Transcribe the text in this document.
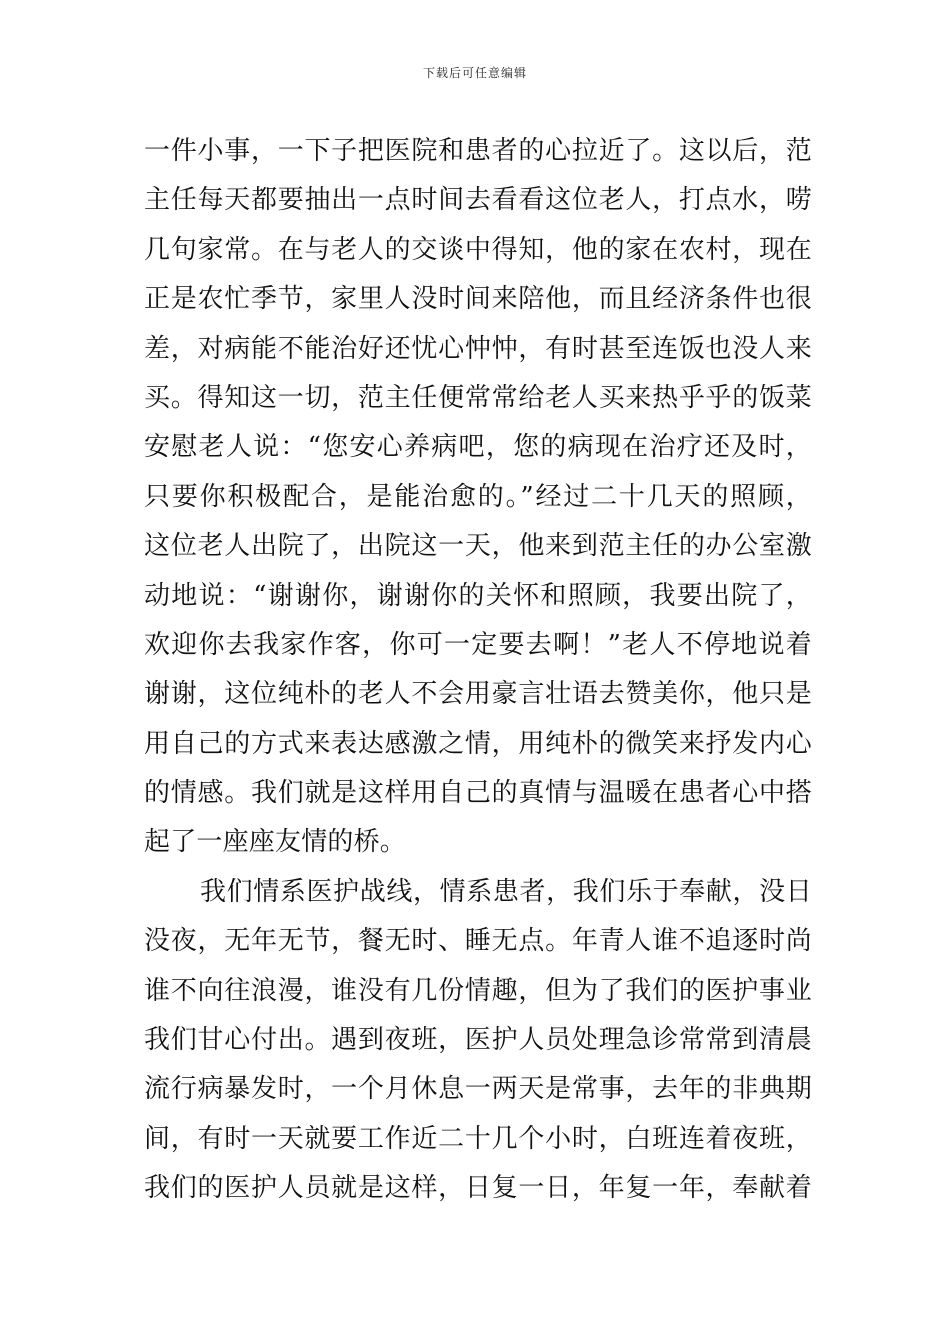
下载后可任意编辑
一件小事，一下子把医院和患者的心拉近了。这以后，范
主任每天都要抽出一点时间去看看这位老人，打点水，唠
几句家常。在与老人的交谈中得知，他的家在农村，现在
正是农忙季节，家里人没时间来陪他，而且经济条件也很
差，对病能不能治好还忧心忡忡，有时甚至连饭也没人来
买。得知这一切，范主任便常常给老人买来热乎乎的饭菜
安慰老人说：“您安心养病吧，您的病现在治疗还及时，
只要你积极配合，是能治愈的。”经过二十几天的照顾，
这位老人出院了，出院这一天，他来到范主任的办公室激
动地说：“谢谢你，谢谢你的关怀和照顾，我要出院了，
欢迎你去我家作客，你可一定要去啊！”老人不停地说着
谢谢，这位纯朴的老人不会用豪言壮语去赞美你，他只是
用自己的方式来表达感激之情，用纯朴的微笑来抒发内心
的情感。我们就是这样用自己的真情与温暖在患者心中搭
起了一座座友情的桥。
我们情系医护战线，情系患者，我们乐于奉献，没日
没夜，无年无节，餐无时、睡无点。年青人谁不追逐时尚
谁不向往浪漫，谁没有几份情趣，但为了我们的医护事业
我们甘心付出。遇到夜班，医护人员处理急诊常常到清晨
流行病暴发时，一个月休息一两天是常事，去年的非典期
间，有时一天就要工作近二十几个小时，白班连着夜班，
我们的医护人员就是这样，日复一日，年复一年，奉献着
